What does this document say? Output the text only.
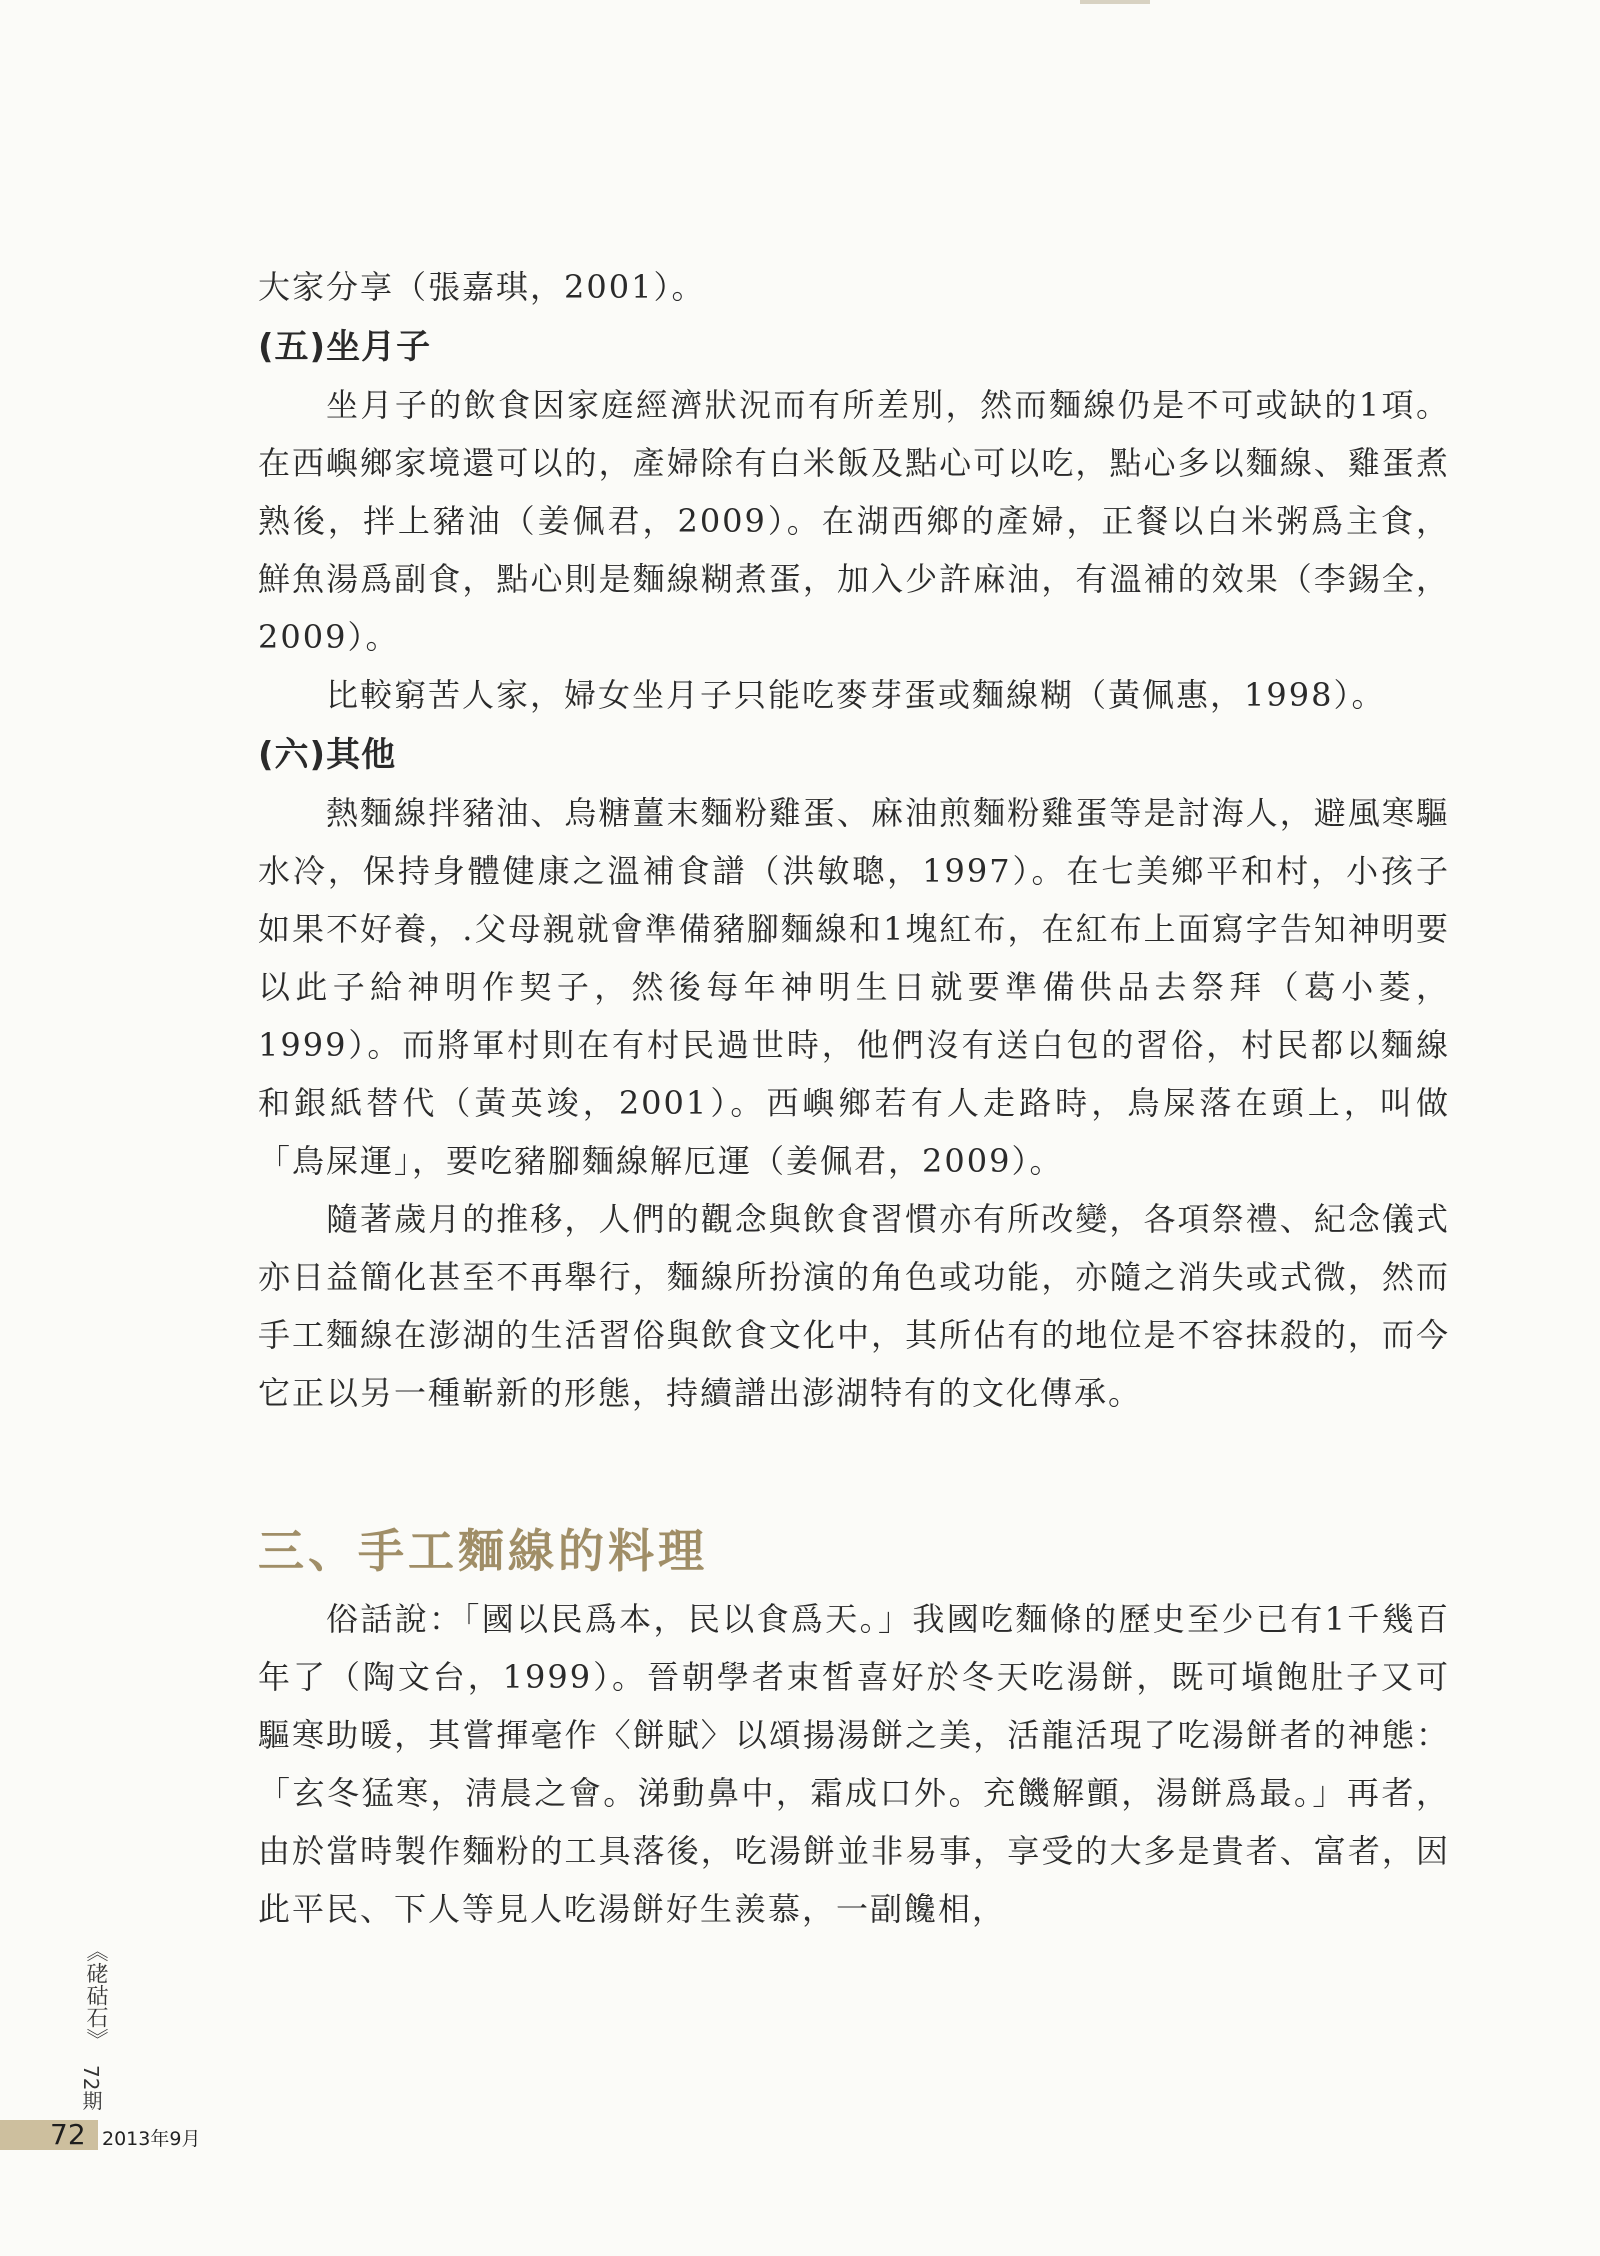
大家分享（張嘉琪，2001）。

(五)坐月子

坐月子的飲食因家庭經濟狀況而有所差別，然而麵線仍是不可或缺的1項。在西嶼鄉家境還可以的，產婦除有白米飯及點心可以吃，點心多以麵線、雞蛋煮熟後，拌上豬油（姜佩君，2009）。在湖西鄉的產婦，正餐以白米粥爲主食，鮮魚湯爲副食，點心則是麵線糊煮蛋，加入少許麻油，有溫補的效果（李錫全，2009）。

比較窮苦人家，婦女坐月子只能吃麥芽蛋或麵線糊（黃佩惠，1998）。

(六)其他

熱麵線拌豬油、烏糖薑末麵粉雞蛋、麻油煎麵粉雞蛋等是討海人，避風寒驅水冷，保持身體健康之溫補食譜（洪敏聰，1997）。在七美鄉平和村，小孩子如果不好養，.父母親就會準備豬腳麵線和1塊紅布，在紅布上面寫字告知神明要以此子給神明作契子，然後每年神明生日就要準備供品去祭拜（葛小菱，1999）。而將軍村則在有村民過世時，他們沒有送白包的習俗，村民都以麵線和銀紙替代（黃英竣，2001）。西嶼鄉若有人走路時，鳥屎落在頭上，叫做「鳥屎運」，要吃豬腳麵線解厄運（姜佩君，2009）。

隨著歲月的推移，人們的觀念與飲食習慣亦有所改變，各項祭禮、紀念儀式亦日益簡化甚至不再舉行，麵線所扮演的角色或功能，亦隨之消失或式微，然而手工麵線在澎湖的生活習俗與飲食文化中，其所佔有的地位是不容抹殺的，而今它正以另一種嶄新的形態，持續譜出澎湖特有的文化傳承。

三、手工麵線的料理

俗話說：「國以民爲本，民以食爲天。」我國吃麵條的歷史至少已有1千幾百年了（陶文台，1999）。晉朝學者束皙喜好於冬天吃湯餅，既可塡飽肚子又可驅寒助暖，其嘗揮毫作〈餅賦〉以頌揚湯餅之美，活龍活現了吃湯餅者的神態：「玄冬猛寒，淸晨之會。涕動鼻中，霜成口外。充饑解顫，湯餅爲最。」再者，由於當時製作麵粉的工具落後，吃湯餅並非易事，享受的大多是貴者、富者，因此平民、下人等見人吃湯餅好生羨慕，一副饞相，

《硓𥑮石》
72期
72 2013年9月
